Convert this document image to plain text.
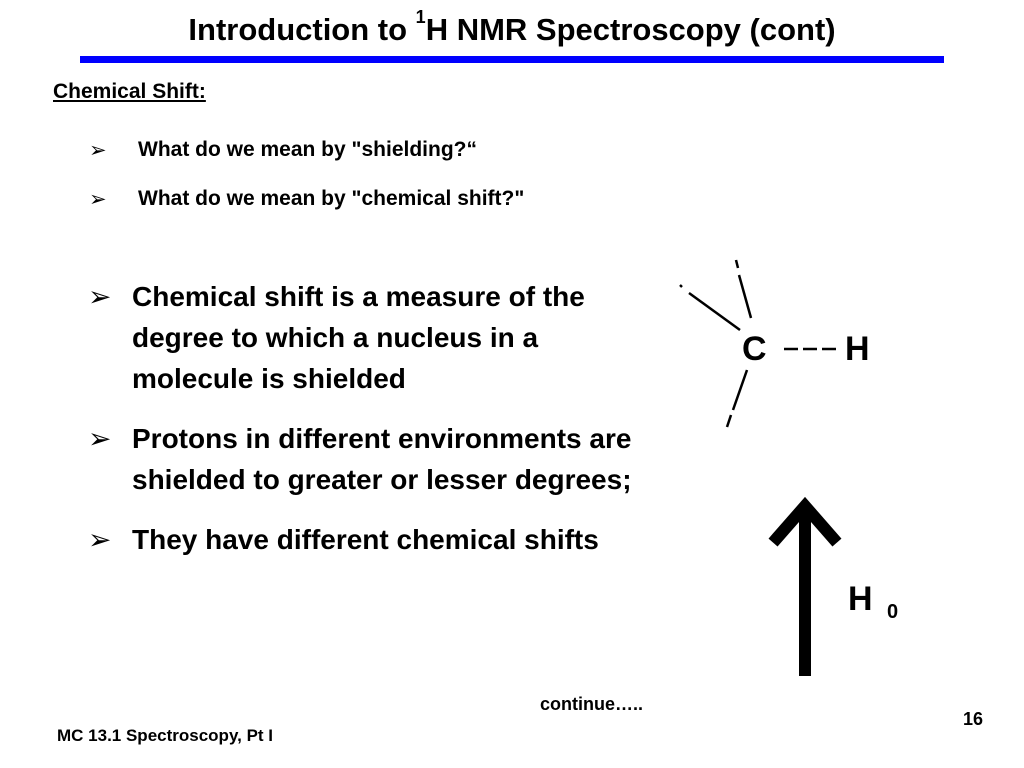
Introduction to $^1$H NMR Spectroscopy (cont)
Chemical Shift:
➢ What do we mean by "shielding?“
➢ What do we mean by "chemical shift?"
➢ Chemical shift is a measure of the degree to which a nucleus in a molecule is shielded
➢ Protons in different environments are shielded to greater or lesser degrees;
➢ They have different chemical shifts
C H
H 0
continue…..
16
MC 13.1 Spectroscopy, Pt I
